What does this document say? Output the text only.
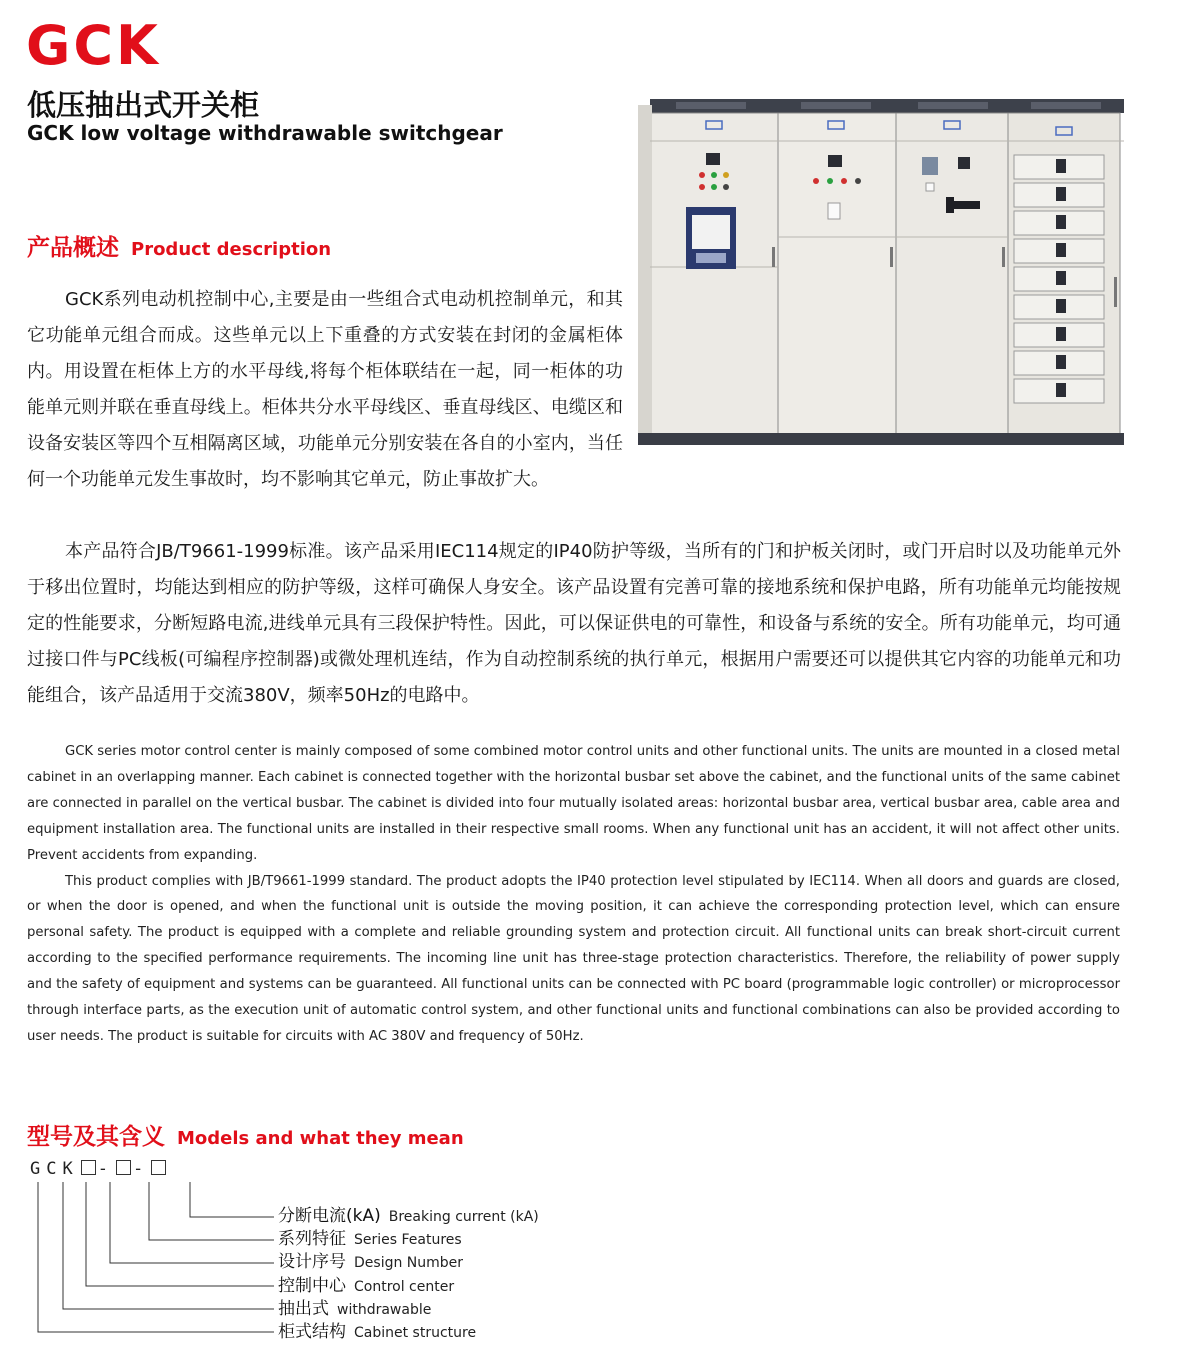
GCK
低压抽出式开关柜
GCK low voltage withdrawable switchgear
产品概述 Product description

GCK系列电动机控制中心,主要是由一些组合式电动机控制单元，和其它功能单元组合而成。这些单元以上下重叠的方式安装在封闭的金属柜体内。用设置在柜体上方的水平母线,将每个柜体联结在一起，同一柜体的功能单元则并联在垂直母线上。柜体共分水平母线区、垂直母线区、电缆区和设备安装区等四个互相隔离区域，功能单元分别安装在各自的小室内，当任何一个功能单元发生事故时，均不影响其它单元，防止事故扩大。

本产品符合JB/T9661-1999标准。该产品采用IEC114规定的IP40防护等级，当所有的门和护板关闭时，或门开启时以及功能单元外于移出位置时，均能达到相应的防护等级，这样可确保人身安全。该产品设置有完善可靠的接地系统和保护电路，所有功能单元均能按规定的性能要求，分断短路电流,进线单元具有三段保护特性。因此，可以保证供电的可靠性，和设备与系统的安全。所有功能单元，均可通过接口件与PC线板(可编程序控制器)或微处理机连结，作为自动控制系统的执行单元，根据用户需要还可以提供其它内容的功能单元和功能组合，该产品适用于交流380V，频率50Hz的电路中。

GCK series motor control center is mainly composed of some combined motor control units and other functional units. The units are mounted in a closed metal cabinet in an overlapping manner. Each cabinet is connected together with the horizontal busbar set above the cabinet, and the functional units of the same cabinet are connected in parallel on the vertical busbar. The cabinet is divided into four mutually isolated areas: horizontal busbar area, vertical busbar area, cable area and equipment installation area. The functional units are installed in their respective small rooms. When any functional unit has an accident, it will not affect other units. Prevent accidents from expanding.

This product complies with JB/T9661-1999 standard. The product adopts the IP40 protection level stipulated by IEC114. When all doors and guards are closed, or when the door is opened, and when the functional unit is outside the moving position, it can achieve the corresponding protection level, which can ensure personal safety. The product is equipped with a complete and reliable grounding system and protection circuit. All functional units can break short-circuit current according to the specified performance requirements. The incoming line unit has three-stage protection characteristics. Therefore, the reliability of power supply and the safety of equipment and systems can be guaranteed. All functional units can be connected with PC board (programmable logic controller) or microprocessor through interface parts, as the execution unit of automatic control system, and other functional units and functional combinations can also be provided according to user needs. The product is suitable for circuits with AC 380V and frequency of 50Hz.

型号及其含义 Models and what they mean
GCK - -
分断电流(kA) Breaking current (kA)
系列特征 Series Features
设计序号 Design Number
控制中心 Control center
抽出式 withdrawable
柜式结构 Cabinet structure
